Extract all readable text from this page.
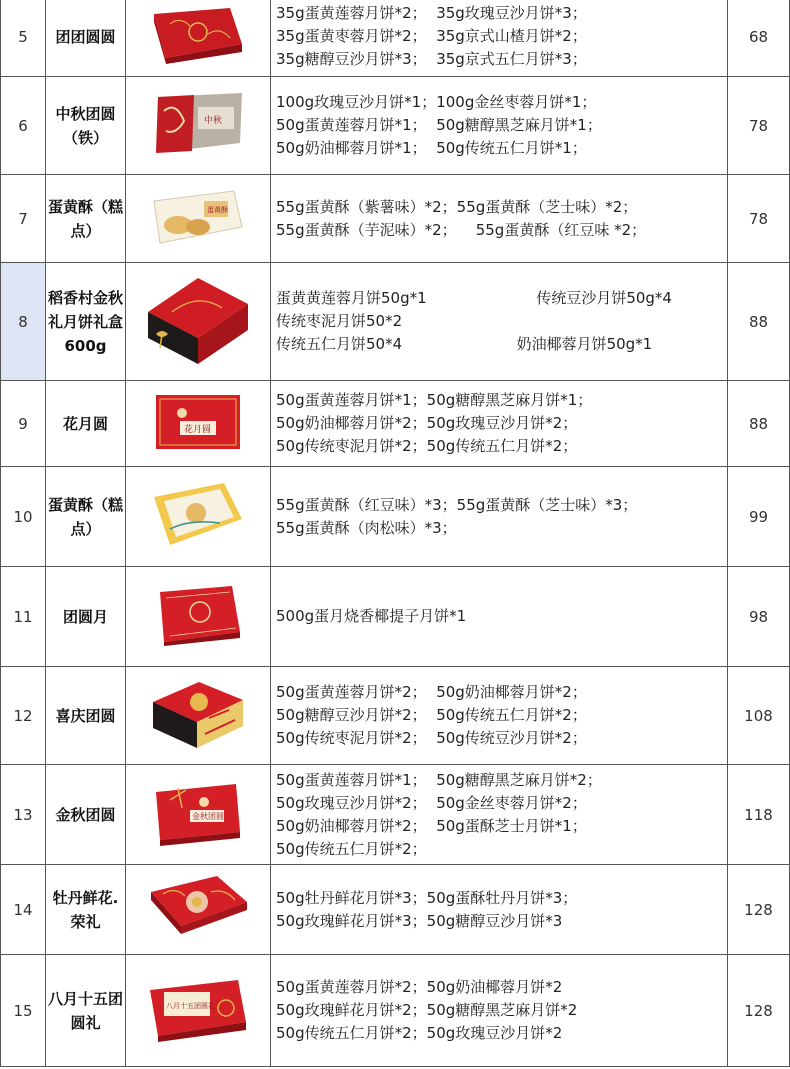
5	团团圆圆		35g蛋黄莲蓉月饼*2；  35g玫瑰豆沙月饼*3；
35g蛋黄枣蓉月饼*2；  35g京式山楂月饼*2；
35g糖醇豆沙月饼*3；  35g京式五仁月饼*3；	68
6	中秋团圆（铁）	中秋	100g玫瑰豆沙月饼*1；100g金丝枣蓉月饼*1；
50g蛋黄莲蓉月饼*1；  50g糖醇黑芝麻月饼*1；
50g奶油椰蓉月饼*1；  50g传统五仁月饼*1；	78
7	蛋黄酥（糕点）	蛋黄酥	55g蛋黄酥（紫薯味）*2；55g蛋黄酥（芝士味）*2；
55g蛋黄酥（芋泥味）*2；    55g蛋黄酥（红豆味 *2；	78
8	稻香村金秋礼月饼礼盒600g		蛋黄黄莲蓉月饼50g*1                       传统豆沙月饼50g*4
传统枣泥月饼50*2
传统五仁月饼50*4                        奶油椰蓉月饼50g*1	88
9	花月圆	花月圆	50g蛋黄莲蓉月饼*1；50g糖醇黑芝麻月饼*1；
50g奶油椰蓉月饼*2；50g玫瑰豆沙月饼*2；
50g传统枣泥月饼*2；50g传统五仁月饼*2；	88
10	蛋黄酥（糕点）		55g蛋黄酥（红豆味）*3；55g蛋黄酥（芝士味）*3；
55g蛋黄酥（肉松味）*3；	99
11	团圆月		500g蛋月烧香椰提子月饼*1	98
12	喜庆团圆		50g蛋黄莲蓉月饼*2；  50g奶油椰蓉月饼*2；
50g糖醇豆沙月饼*2；  50g传统五仁月饼*2；
50g传统枣泥月饼*2；  50g传统豆沙月饼*2；	108
13	金秋团圆	金秋团圆	50g蛋黄莲蓉月饼*1；  50g糖醇黑芝麻月饼*2；
50g玫瑰豆沙月饼*2；  50g金丝枣蓉月饼*2；
50g奶油椰蓉月饼*2；  50g蛋酥芝士月饼*1；
50g传统五仁月饼*2；	118
14	牡丹鲜花.荣礼		50g牡丹鲜花月饼*3；50g蛋酥牡丹月饼*3；
50g玫瑰鲜花月饼*3；50g糖醇豆沙月饼*3	128
15	八月十五团圆礼	八月十五团圆礼	50g蛋黄莲蓉月饼*2；50g奶油椰蓉月饼*2
50g玫瑰鲜花月饼*2；50g糖醇黑芝麻月饼*2
50g传统五仁月饼*2；50g玫瑰豆沙月饼*2	128
